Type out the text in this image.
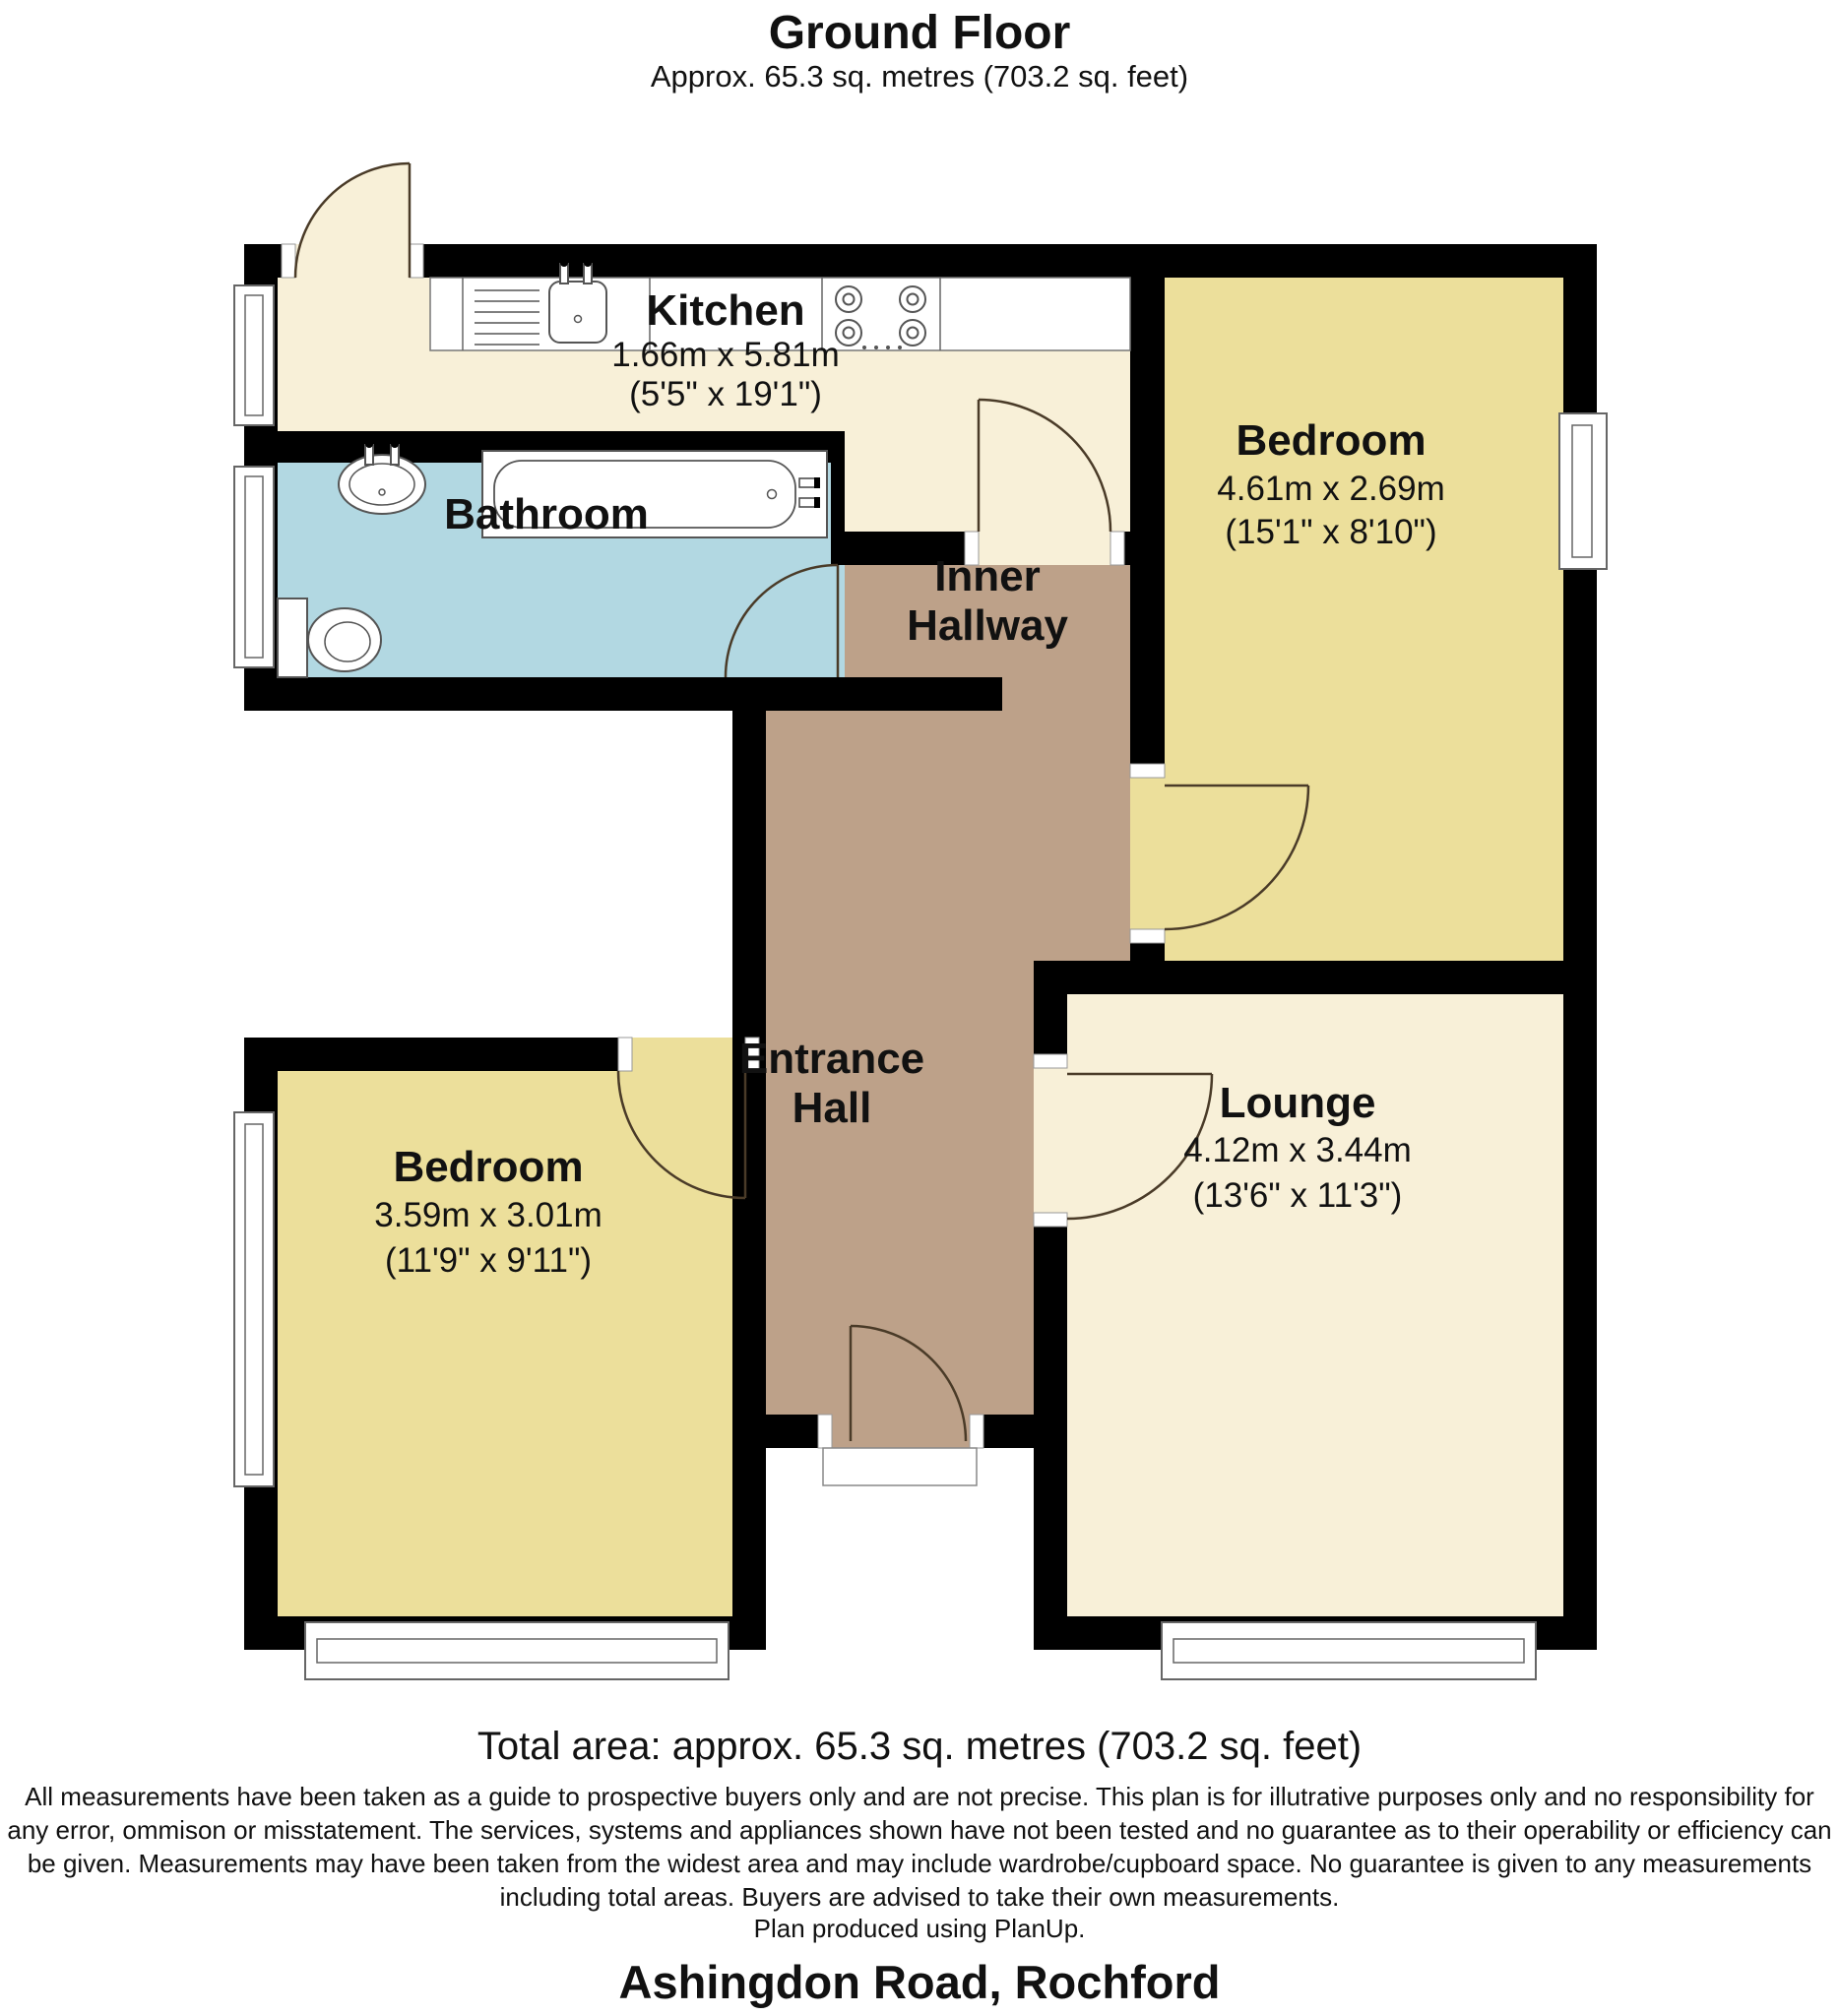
Ground Floor
Approx. 65.3 sq. metres (703.2 sq. feet)
Kitchen
1.66m x 5.81m
(5'5" x 19'1")
Bathroom
Inner
Hallway
Entrance
Hall
Bedroom
4.61m x 2.69m
(15'1" x 8'10")
Bedroom
3.59m x 3.01m
(11'9" x 9'11")
Lounge
4.12m x 3.44m
(13'6" x 11'3")
Total area: approx. 65.3 sq. metres (703.2 sq. feet)
All measurements have been taken as a guide to prospective buyers only and are not precise. This plan is for illutrative purposes only and no responsibility for any error, ommison or misstatement. The services, systems and appliances shown have not been tested and no guarantee as to their operability or efficiency can be given. Measurements may have been taken from the widest area and may include wardrobe/cupboard space. No guarantee is given to any measurements including total areas. Buyers are advised to take their own measurements.
Plan produced using PlanUp.
Ashingdon Road, Rochford
